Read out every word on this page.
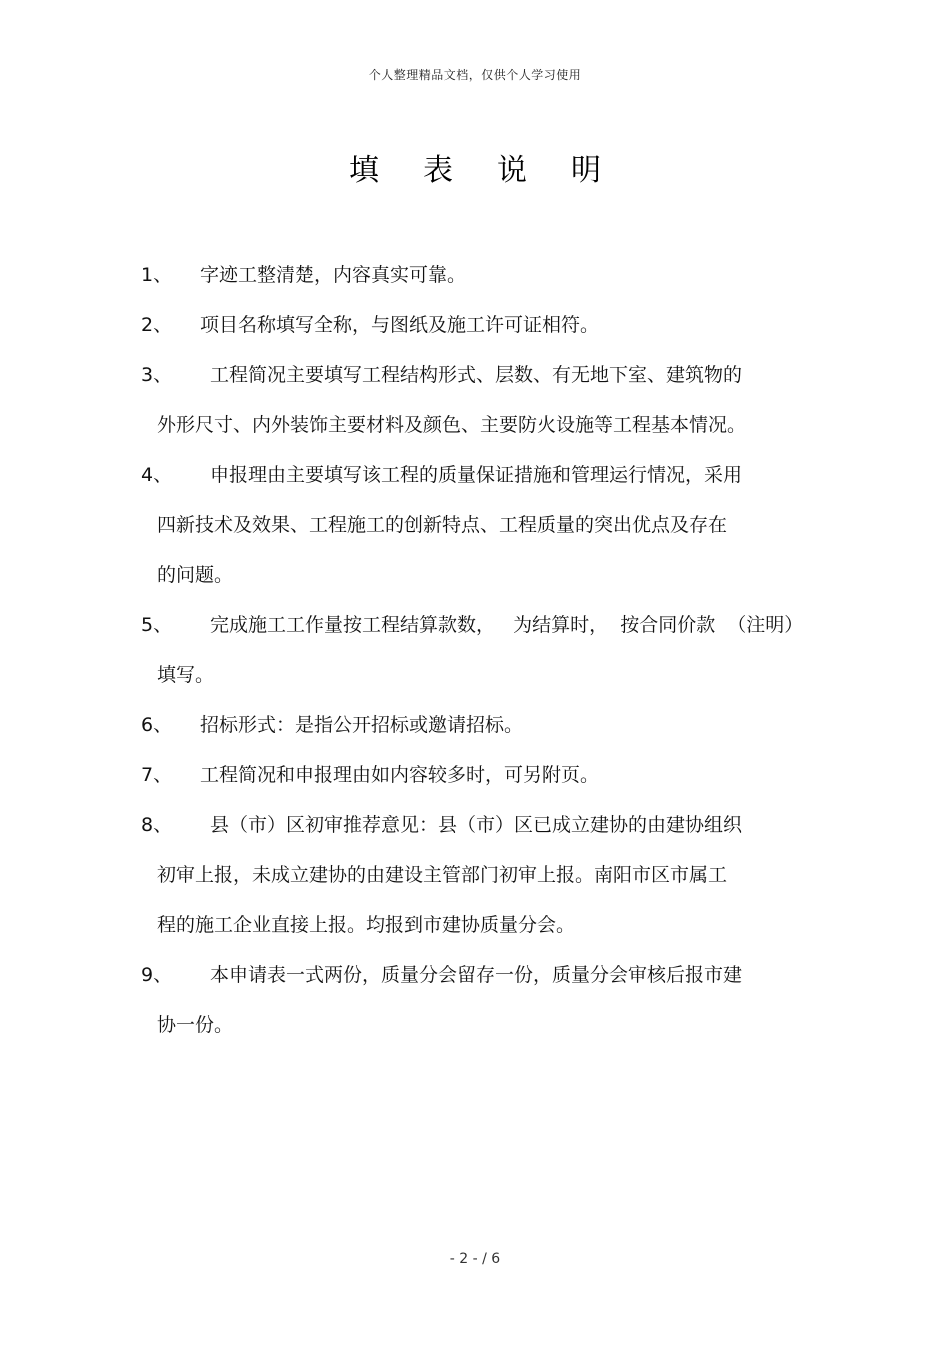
个人整理精品文档，仅供个人学习使用
填表说明
1、 字迹工整清楚，内容真实可靠。
2、 项目名称填写全称，与图纸及施工许可证相符。
3、 工程简况主要填写工程结构形式、层数、有无地下室、建筑物的
外形尺寸、内外装饰主要材料及颜色、主要防火设施等工程基本情况。
4、 申报理由主要填写该工程的质量保证措施和管理运行情况，采用
四新技术及效果、工程施工的创新特点、工程质量的突出优点及存在
的问题。
5、 完成施工工作量按工程结算款数，   为结算时，  按合同价款  （注明）
填写。
6、 招标形式：是指公开招标或邀请招标。
7、 工程简况和申报理由如内容较多时，可另附页。
8、 县（市）区初审推荐意见：县（市）区已成立建协的由建协组织
初审上报，未成立建协的由建设主管部门初审上报。南阳市区市属工
程的施工企业直接上报。均报到市建协质量分会。
9、 本申请表一式两份，质量分会留存一份，质量分会审核后报市建
协一份。
- 2 - / 6
